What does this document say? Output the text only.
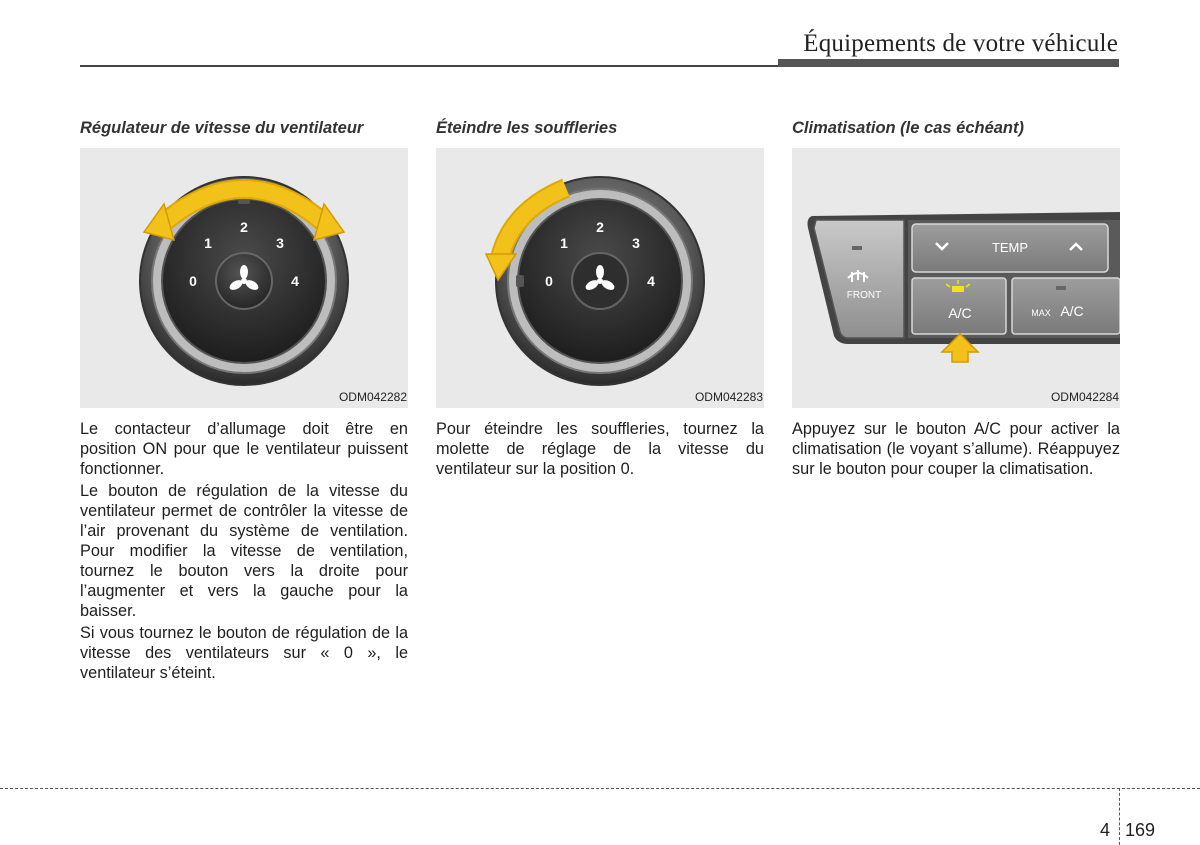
Équipements de votre véhicule
Régulateur de vitesse du ventilateur
0
1
2
3
4
ODM042282

Le contacteur d’allumage doit être en position ON pour que le ventilateur puissent fonctionner.

Le bouton de régulation de la vitesse du ventilateur permet de contrôler la vitesse de l’air provenant du système de ventilation. Pour modifier la vitesse de ventilation, tournez le bouton vers la droite pour l’augmenter et vers la gauche pour la baisser.

Si vous tournez le bouton de régulation de la vitesse des ventilateurs sur « 0 », le ventilateur s’éteint.

Éteindre les souffleries
0
1
2
3
4
ODM042283

Pour éteindre les souffleries, tournez la molette de réglage de la vitesse du ventilateur sur la position 0.

Climatisation (le cas échéant)
FRONT
TEMP
A/C	MAX A/C
ODM042284

Appuyez sur le bouton A/C pour activer la climatisation (le voyant s’allume). Réappuyez sur le bouton pour couper la climatisation.

4 169
